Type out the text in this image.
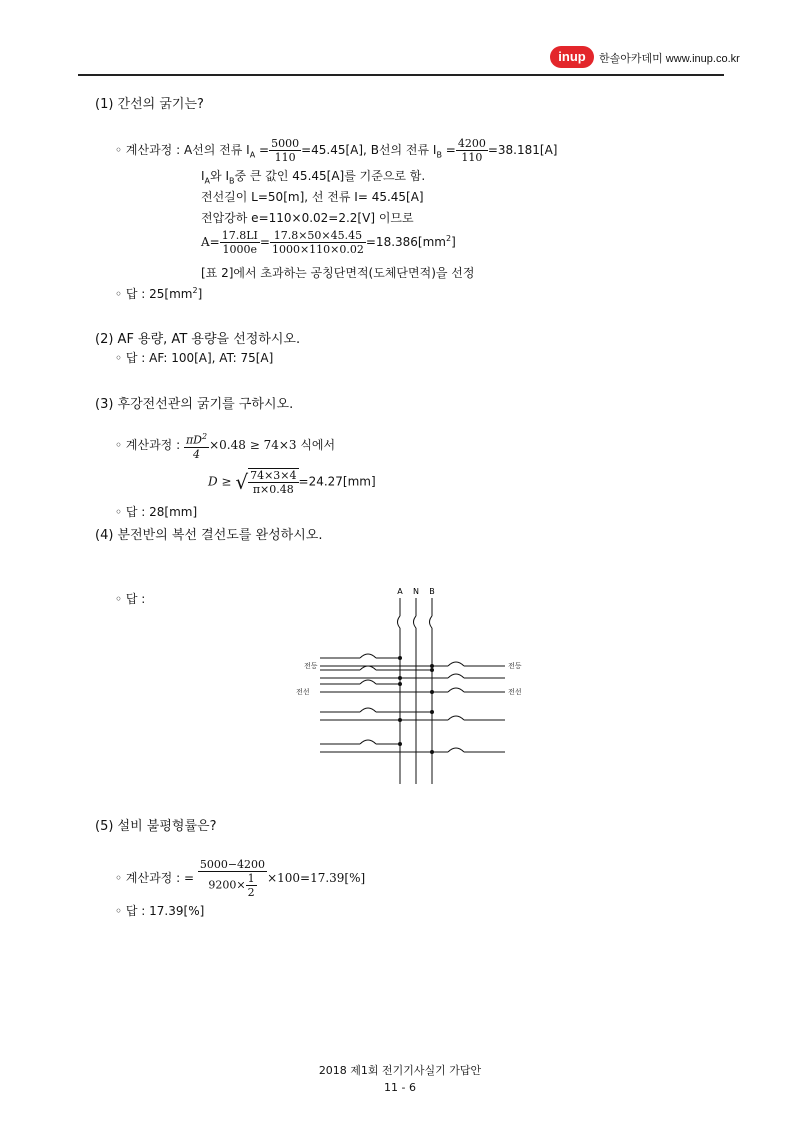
inup	한솔아카데미 www.inup.co.kr
(1) 간선의 굵기는?
◦ 계산과정 : A선의 전류 $I_A = \frac{5000}{110} =45.45[A]$, B선의 전류 $I_B = \frac{4200}{110} =38.181[A]$
$I_A$와 $I_B$중 큰 값인 45.45[A]를 기준으로 함.
전선길이 L=50[m], 선 전류 I= 45.45[A]
전압강하 e=110×0.02=2.2[V] 이므로
$A= \frac{17.8LI}{1000e} = \frac{17.8\times 50\times 45.45}{1000\times 110\times 0.02} =18.386[mm^2]$
[표 2]에서 초과하는 공칭단면적(도체단면적)을 선정
◦ 답 : $25[mm^2]$
(2) AF 용량, AT 용량을 선정하시오.
◦ 답 : AF: 100[A], AT: 75[A]
(3) 후강전선관의 굵기를 구하시오.
◦ 계산과정 : $\frac{\pi D^2}{4} \times 0.48 \ge 74\times 3$ 식에서
D ≥ √ $\frac{74\times 3\times 4}{\pi\times 0.48} =24.27[mm]$
◦ 답 : 28[mm]
(4) 분전반의 복선 결선도를 완성하시오.
◦ 답 :
A N B
전등
전선
전등
전선
(5) 설비 불평형률은?
◦ 계산과정 : = $\frac{5000-4200}{9200\times \frac{1}{2}} \times 100=17.39[\%]$
◦ 답 : 17.39[%]
2018 제1회 전기기사실기 가답안
11 - 6
